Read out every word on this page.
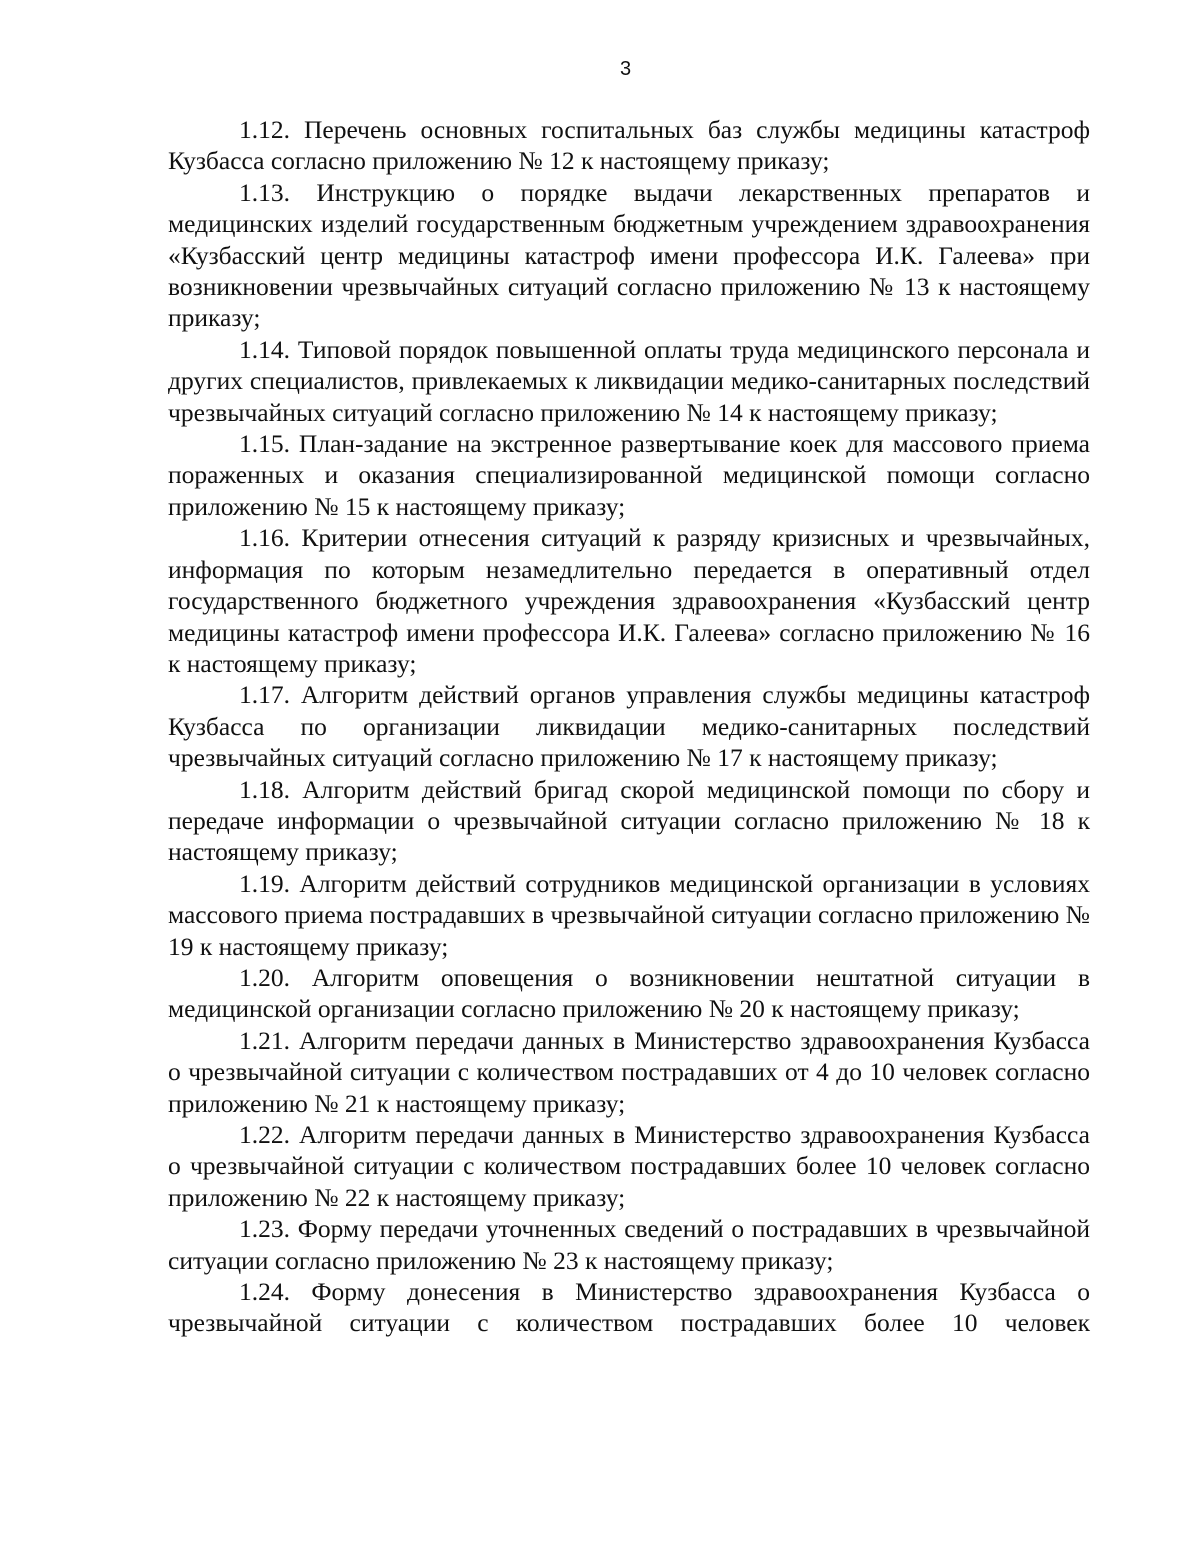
3

1.12. Перечень основных госпитальных баз службы медицины катастроф Кузбасса согласно приложению № 12 к настоящему приказу;

1.13. Инструкцию о порядке выдачи лекарственных препаратов и медицинских изделий государственным бюджетным учреждением здравоохранения «Кузбасский центр медицины катастроф имени профессора И.К. Галеева» при возникновении чрезвычайных ситуаций согласно приложению № 13 к настоящему приказу;

1.14. Типовой порядок повышенной оплаты труда медицинского персонала и других специалистов, привлекаемых к ликвидации медико-санитарных последствий чрезвычайных ситуаций согласно приложению № 14 к настоящему приказу;

1.15. План-задание на экстренное развертывание коек для массового приема пораженных и оказания специализированной медицинской помощи согласно приложению № 15 к настоящему приказу;

1.16. Критерии отнесения ситуаций к разряду кризисных и чрезвычайных, информация по которым незамедлительно передается в оперативный отдел государственного бюджетного учреждения здравоохранения «Кузбасский центр медицины катастроф имени профессора И.К. Галеева» согласно приложению № 16 к настоящему приказу;

1.17. Алгоритм действий органов управления службы медицины катастроф Кузбасса по организации ликвидации медико-санитарных последствий чрезвычайных ситуаций согласно приложению № 17 к настоящему приказу;

1.18. Алгоритм действий бригад скорой медицинской помощи по сбору и передаче информации о чрезвычайной ситуации согласно приложению № 18 к настоящему приказу;

1.19. Алгоритм действий сотрудников медицинской организации в условиях массового приема пострадавших в чрезвычайной ситуации согласно приложению № 19 к настоящему приказу;

1.20. Алгоритм оповещения о возникновении нештатной ситуации в медицинской организации согласно приложению № 20 к настоящему приказу;

1.21. Алгоритм передачи данных в Министерство здравоохранения Кузбасса о чрезвычайной ситуации с количеством пострадавших от 4 до 10 человек согласно приложению № 21 к настоящему приказу;

1.22. Алгоритм передачи данных в Министерство здравоохранения Кузбасса о чрезвычайной ситуации с количеством пострадавших более 10 человек согласно приложению № 22 к настоящему приказу;

1.23. Форму передачи уточненных сведений о пострадавших в чрезвычайной ситуации согласно приложению № 23 к настоящему приказу;

1.24. Форму донесения в Министерство здравоохранения Кузбасса о чрезвычайной ситуации с количеством пострадавших более 10 человек
